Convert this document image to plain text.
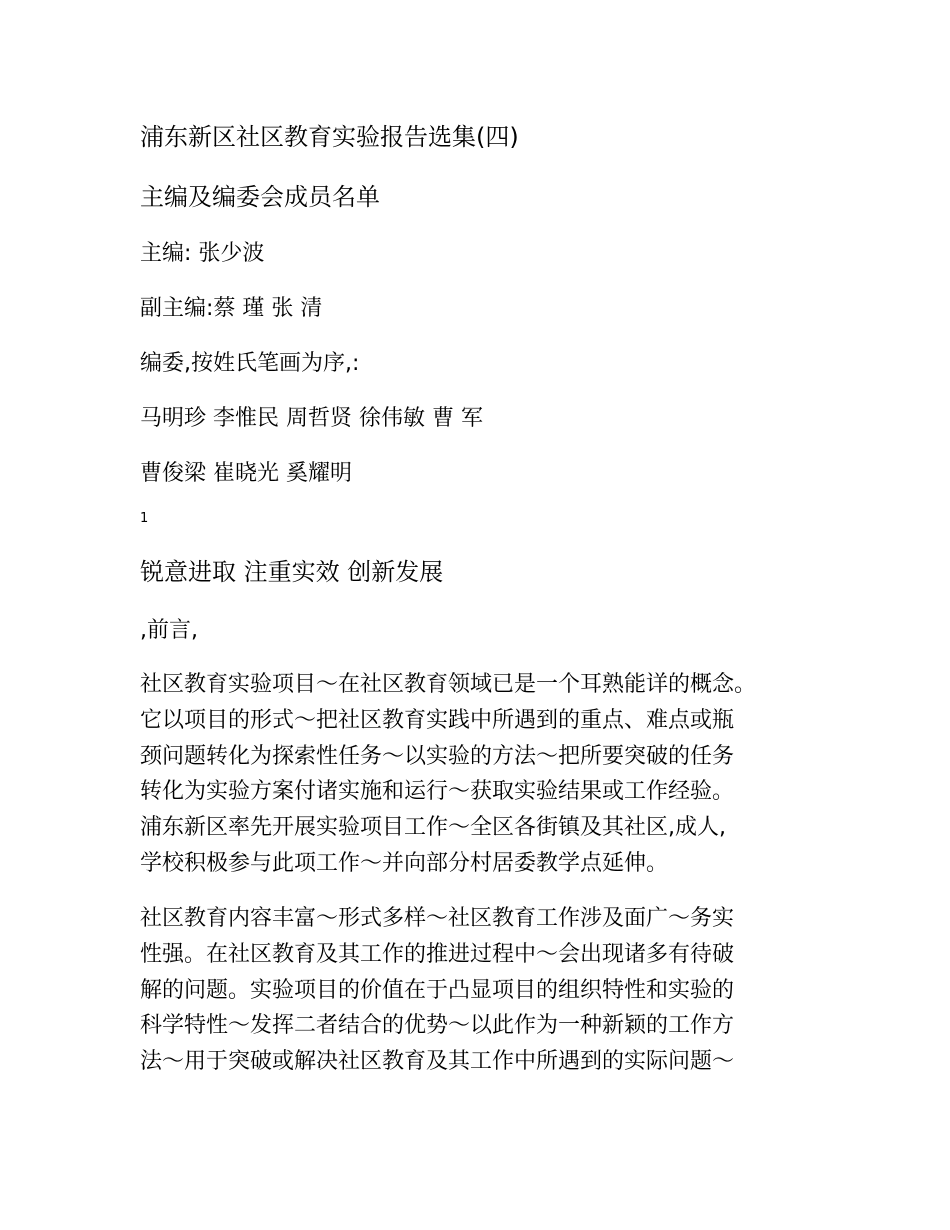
浦东新区社区教育实验报告选集(四)
主编及编委会成员名单
主编: 张少波
副主编:蔡 瑾 张 清
编委,按姓氏笔画为序,:
马明珍 李惟民 周哲贤 徐伟敏 曹 军
曹俊梁 崔晓光 奚耀明
1
锐意进取 注重实效 创新发展
,前言,
社区教育实验项目～在社区教育领域已是一个耳熟能详的概念。
它以项目的形式～把社区教育实践中所遇到的重点、难点或瓶
颈问题转化为探索性任务～以实验的方法～把所要突破的任务
转化为实验方案付诸实施和运行～获取实验结果或工作经验。
浦东新区率先开展实验项目工作～全区各街镇及其社区,成人,
学校积极参与此项工作～并向部分村居委教学点延伸。
社区教育内容丰富～形式多样～社区教育工作涉及面广～务实
性强。在社区教育及其工作的推进过程中～会出现诸多有待破
解的问题。实验项目的价值在于凸显项目的组织特性和实验的
科学特性～发挥二者结合的优势～以此作为一种新颖的工作方
法～用于突破或解决社区教育及其工作中所遇到的实际问题～
